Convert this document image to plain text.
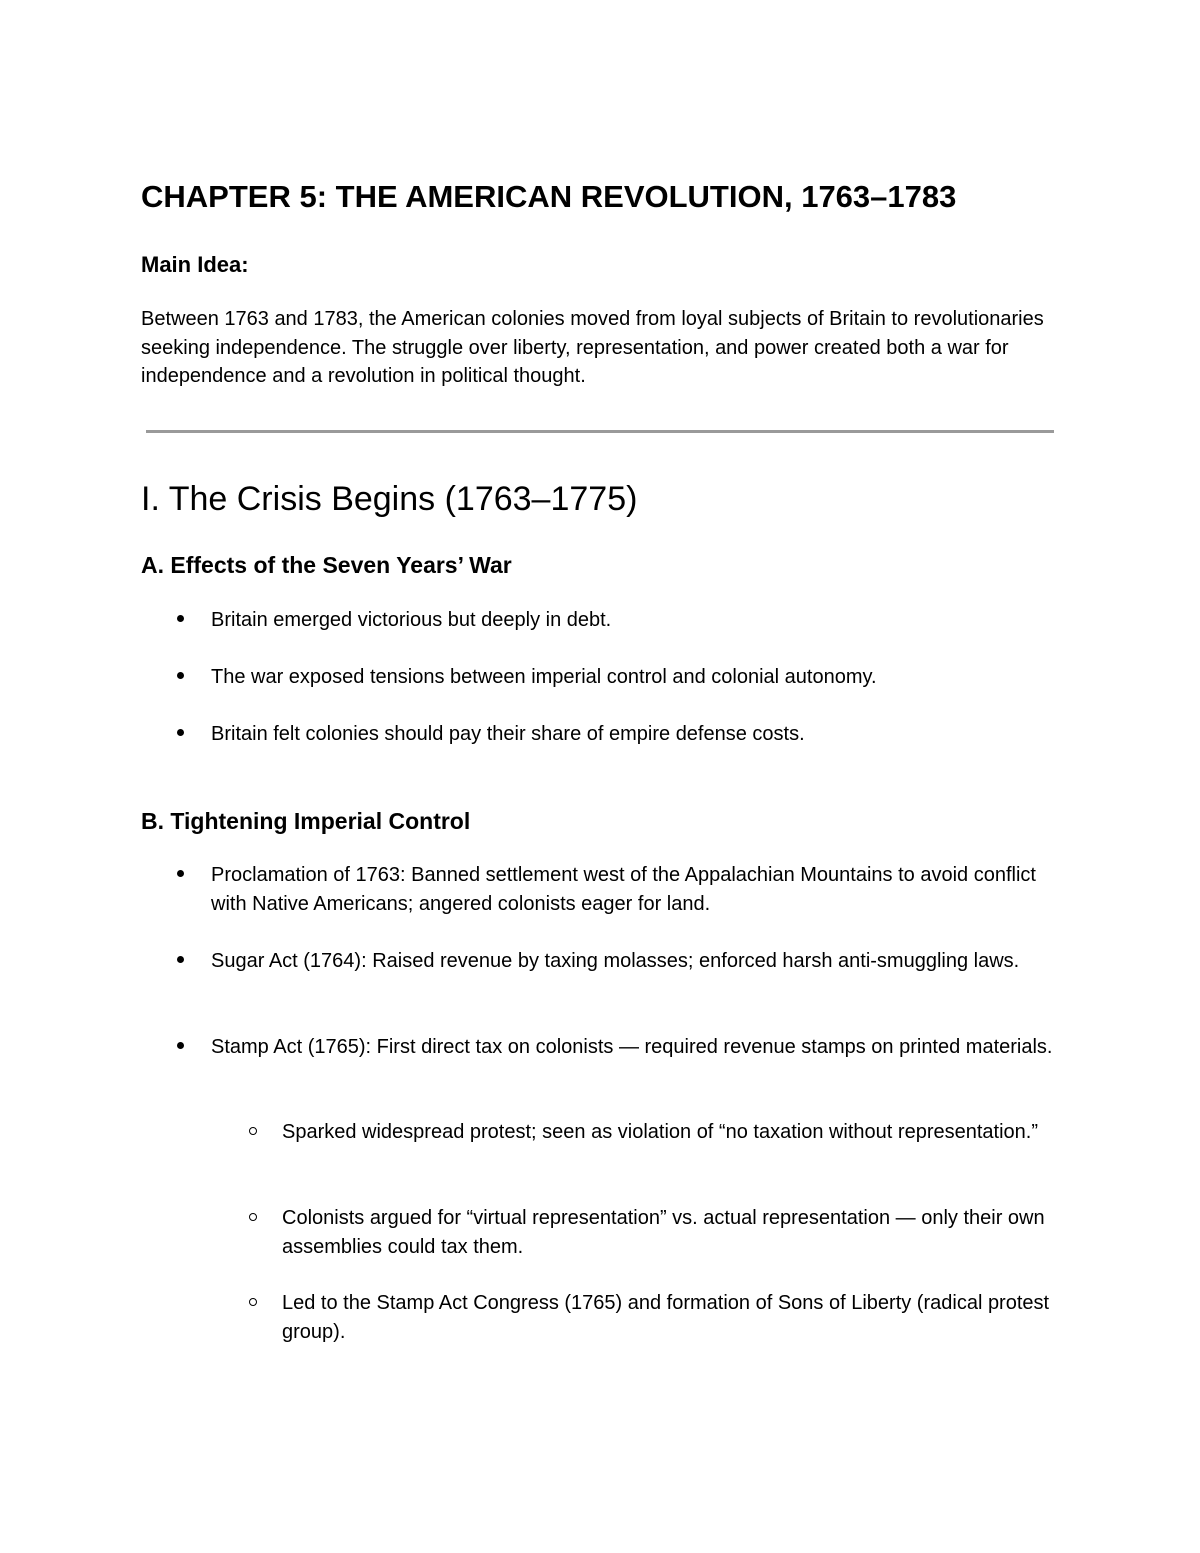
CHAPTER 5: THE AMERICAN REVOLUTION, 1763–1783
Main Idea:

Between 1763 and 1783, the American colonies moved from loyal subjects of Britain to revolutionaries seeking independence. The struggle over liberty, representation, and power created both a war for independence and a revolution in political thought.

I. The Crisis Begins (1763–1775)
A. Effects of the Seven Years’ War
Britain emerged victorious but deeply in debt.
The war exposed tensions between imperial control and colonial autonomy.
Britain felt colonies should pay their share of empire defense costs.
B. Tightening Imperial Control
Proclamation of 1763: Banned settlement west of the Appalachian Mountains to avoid conflict with Native Americans; angered colonists eager for land.
Sugar Act (1764): Raised revenue by taxing molasses; enforced harsh anti-smuggling laws.
Stamp Act (1765): First direct tax on colonists — required revenue stamps on printed materials.
Sparked widespread protest; seen as violation of “no taxation without representation.”
Colonists argued for “virtual representation” vs. actual representation — only their own assemblies could tax them.
Led to the Stamp Act Congress (1765) and formation of Sons of Liberty (radical protest group).
